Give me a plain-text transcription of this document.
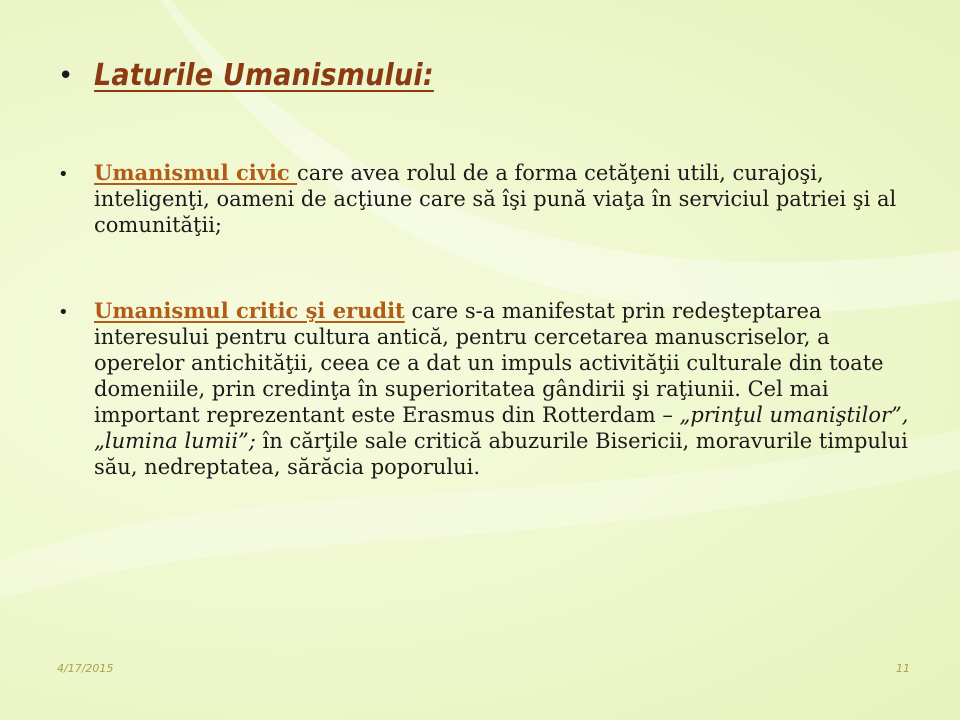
• Laturile Umanismului:
•	Umanismul civic care avea rolul de a forma cetăţeni utili, curajoşi, inteligenţi, oameni de acţiune care să îşi pună viaţa în serviciul patriei şi al comunităţii;
•	Umanismul critic şi erudit care s-a manifestat prin redeşteptarea interesului pentru cultura antică, pentru cercetarea manuscriselor, a operelor antichităţii, ceea ce a dat un impuls activităţii culturale din toate domeniile, prin credinţa în superioritatea gândirii şi raţiunii. Cel mai important reprezentant este Erasmus din Rotterdam – „prinţul umaniştilor”, „lumina lumii”; în cărţile sale critică abuzurile Bisericii, moravurile timpului său, nedreptatea, sărăcia poporului.
4/17/2015	11
